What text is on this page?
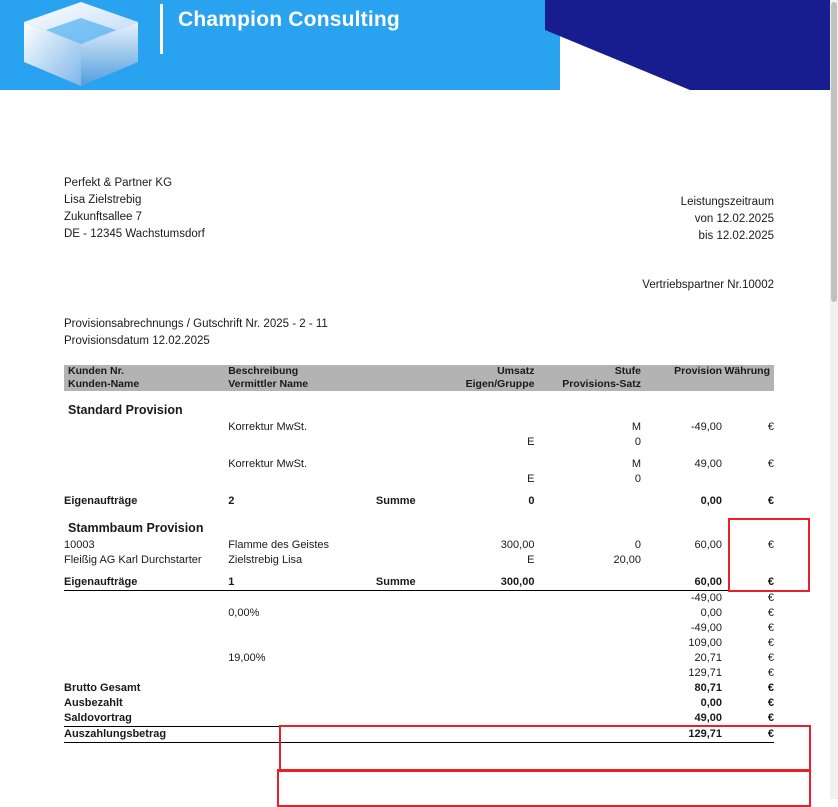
Champion Consulting
Perfekt & Partner KG
Lisa Zielstrebig
Zukunftsallee 7
DE - 12345 Wachstumsdorf
Leistungszeitraum
von 12.02.2025
bis 12.02.2025
Vertriebspartner Nr.10002
Provisionsabrechnungs / Gutschrift Nr. 2025 - 2 - 11
Provisionsdatum 12.02.2025
Kunden Nr.	Beschreibung		Umsatz	Stufe	Provision	Währung
Kunden-Name	Vermittler Name		Eigen/Gruppe	Provisions-Satz		
Standard Provision						
	Korrektur MwSt.			M	-49,00	€
			E	0		

	Korrektur MwSt.			M	49,00	€
			E	0		

Eigenaufträge	2	Summe	0		0,00	€
Stammbaum Provision						
10003	Flamme des Geistes		300,00	0	60,00	€
Fleißig AG Karl Durchstarter	Zielstrebig Lisa		E	20,00		

Eigenaufträge	1	Summe	300,00		60,00	€
					-49,00	€
	0,00%				0,00	€
					-49,00	€
					109,00	€
	19,00%				20,71	€
					129,71	€
Brutto Gesamt					80,71	€
Ausbezahlt					0,00	€
Saldovortrag					49,00	€
Auszahlungsbetrag					129,71	€
